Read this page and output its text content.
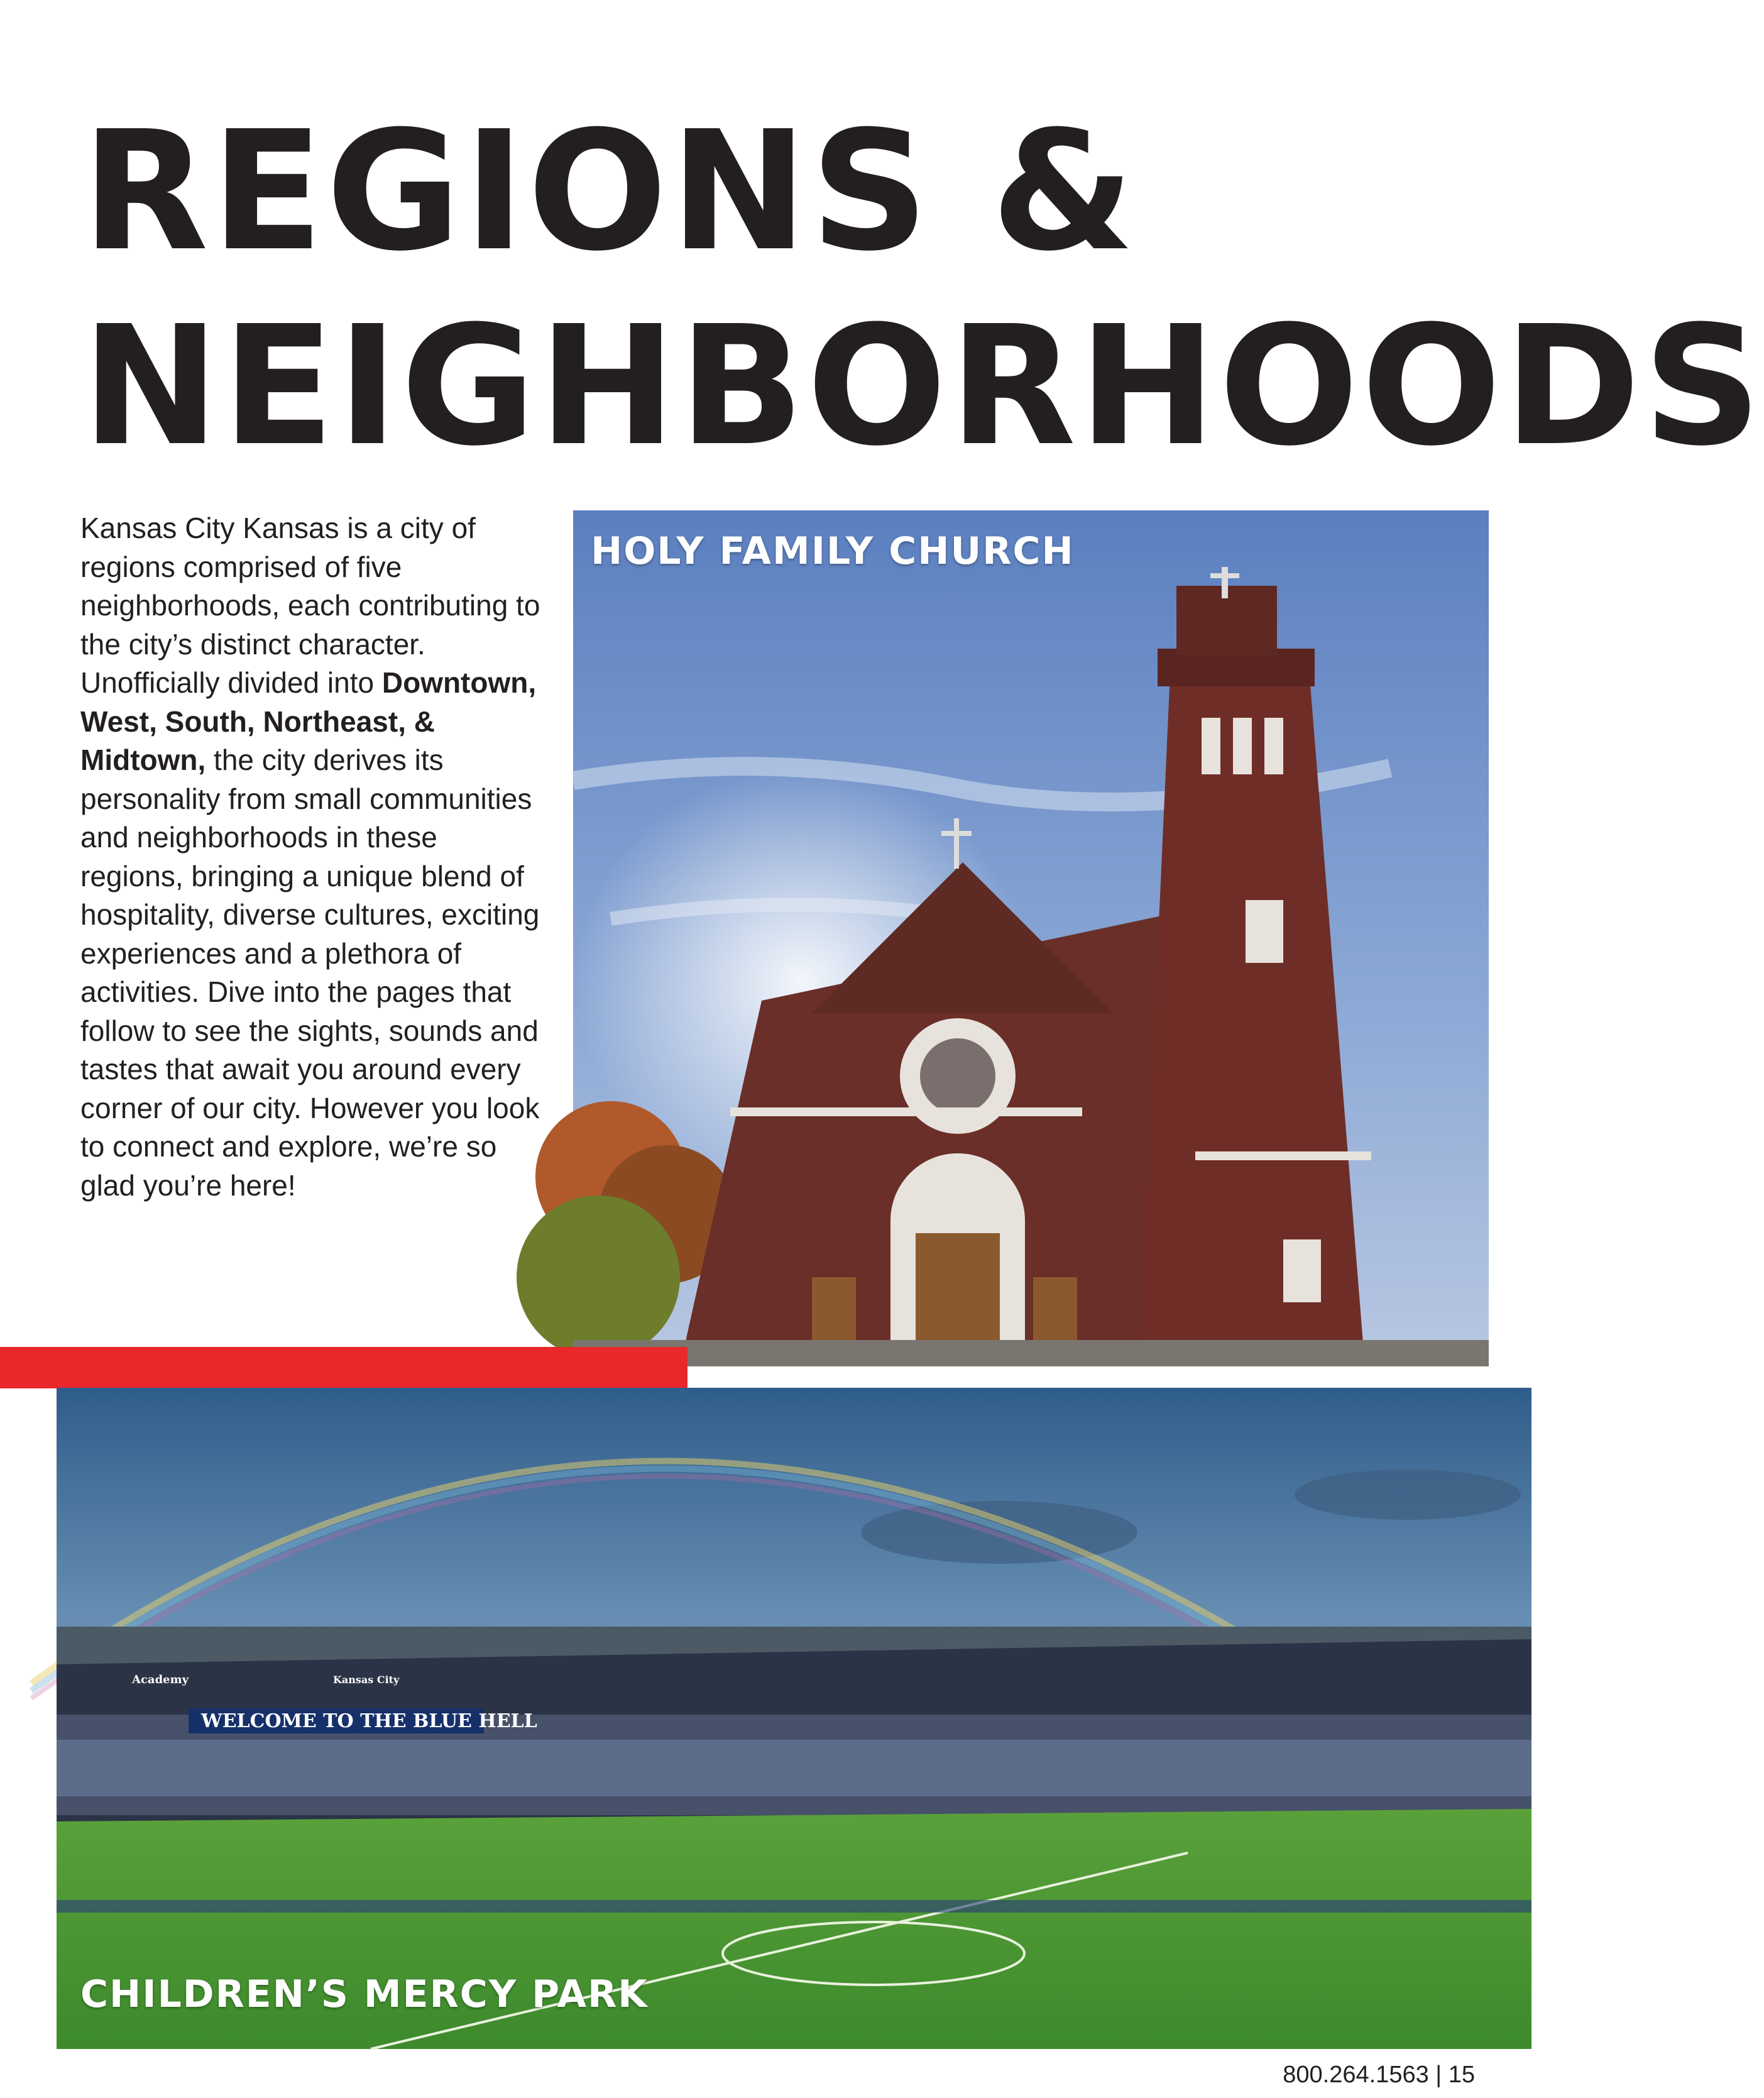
REGIONS &
NEIGHBORHOODS

Kansas City Kansas is a city of regions comprised of five neighborhoods, each contributing to the city’s distinct character. Unofficially divided into Downtown, West, South, Northeast, & Midtown, the city derives its personality from small communities and neighborhoods in these regions, bringing a unique blend of hospitality, diverse cultures, exciting experiences and a plethora of activities. Dive into the pages that follow to see the sights, sounds and tastes that await you around every corner of our city. However you look to connect and explore, we’re so glad you’re here!

HOLY FAMILY CHURCH

WELCOME TO THE BLUE HELL
Academy	Kansas City

CHILDREN’S MERCY PARK

800.264.1563 | 15
